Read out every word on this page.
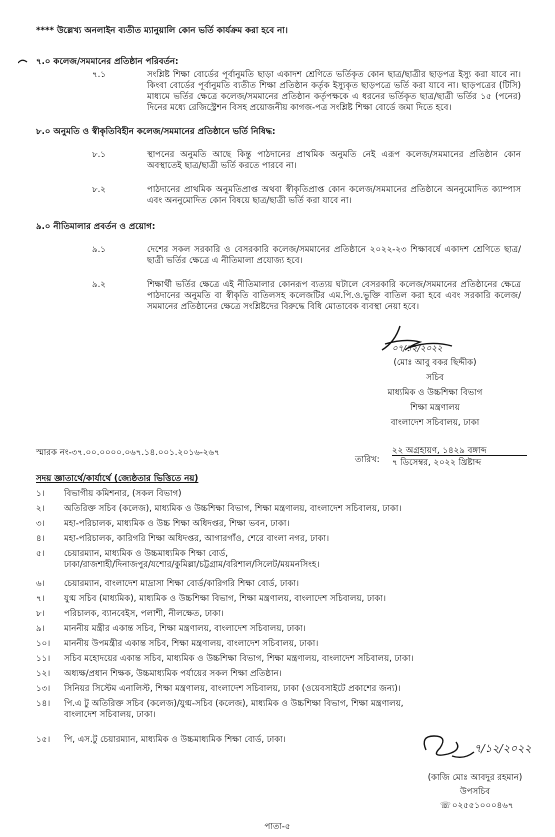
**** উল্লেখ্য অনলাইন ব্যতীত ম্যানুয়ালি কোন ভর্তি কার্যক্রম করা হবে না।
৭.০ কলেজ/সমমানের প্রতিষ্ঠান পরিবর্তন:
৭.১	সংশ্লিষ্ট শিক্ষা বোর্ডের পূর্বানুমতি ছাড়া একাদশ শ্রেণিতে ভর্তিকৃত কোন ছাত্র/ছাত্রীর ছাড়পত্র ইস্যু করা যাবে না। কিংবা বোর্ডের পূর্বানুমতি ব্যতীত শিক্ষা প্রতিষ্ঠান কর্তৃক ইস্যুকৃত ছাড়পত্রে ভর্তি করা যাবে না। ছাড়পত্রের (টিসি) মাধ্যমে ভর্তির ক্ষেত্রে কলেজ/সমমানের প্রতিষ্ঠান কর্তৃপক্ষকে এ ধরনের ভর্তিকৃত ছাত্র/ছাত্রী ভর্তির ১৫ (পনের) দিনের মধ্যে রেজিস্ট্রেশন বিসহ প্রয়োজনীয় কাগজ-পত্র সংশ্লিষ্ট শিক্ষা বোর্ডে জমা দিতে হবে।
৮.০ অনুমতি ও স্বীকৃতিবিহীন কলেজ/সমমানের প্রতিষ্ঠানে ভর্তি নিষিদ্ধ:
৮.১	স্থাপনের অনুমতি আছে কিন্তু পাঠদানের প্রাথমিক অনুমতি নেই এরূপ কলেজ/সমমানের প্রতিষ্ঠান কোন অবস্থাতেই ছাত্র/ছাত্রী ভর্তি করতে পারবে না।
৮.২	পাঠদানের প্রাথমিক অনুমতিপ্রাপ্ত অথবা স্বীকৃতিপ্রাপ্ত কোন কলেজ/সমমানের প্রতিষ্ঠানে অননুমোদিত ক্যাম্পাস এবং অননুমোদিত কোন বিষয়ে ছাত্র/ছাত্রী ভর্তি করা যাবে না।
৯.০ নীতিমালার প্রবর্তন ও প্রয়োগ:
৯.১	দেশের সকল সরকারি ও বেসরকারি কলেজ/সমমানের প্রতিষ্ঠানে ২০২২-২৩ শিক্ষাবর্ষে একাদশ শ্রেণিতে ছাত্র/ছাত্রী ভর্তির ক্ষেত্রে এ নীতিমালা প্রযোজ্য হবে।
৯.২	শিক্ষার্থী ভর্তির ক্ষেত্রে এই নীতিমালার কোনরূপ ব্যত্যয় ঘটালে বেসরকারি কলেজ/সমমানের প্রতিষ্ঠানের ক্ষেত্রে পাঠদানের অনুমতি বা স্বীকৃতি বাতিলসহ কলেজটির এম.পি.ও.ভুক্তি বাতিল করা হবে এবং সরকারি কলেজ/সমমানের প্রতিষ্ঠানের ক্ষেত্রে সংশ্লিষ্টদের বিরুদ্ধে বিধি মোতাবেক ব্যবস্থা নেয়া হবে।
০৭/১২/২০২২
(মোঃ আবু বকর ছিদ্দীক)
সচিব
মাধ্যমিক ও উচ্চশিক্ষা বিভাগ
শিক্ষা মন্ত্রণালয়
বাংলাদেশ সচিবালয়, ঢাকা
স্মারক নং-৩৭.০০.০০০০.০৬৭.১৪.০০১.২০১৬-২৬৭
তারিখ:
২২ অগ্রহায়ণ, ১৪২৯ বঙ্গাব্দ
৭ ডিসেম্বর, ২০২২ খ্রিষ্টাব্দ
সদয় জ্ঞাতার্থে/কার্যার্থে (জ্যেষ্ঠতার ভিত্তিতে নয়)
১।	বিভাগীয় কমিশনার, (সকল বিভাগ)
২।	অতিরিক্ত সচিব (কলেজ), মাধ্যমিক ও উচ্চশিক্ষা বিভাগ, শিক্ষা মন্ত্রণালয়, বাংলাদেশ সচিবালয়, ঢাকা।
৩।	মহা-পরিচালক, মাধ্যমিক ও উচ্চ শিক্ষা অধিদপ্তর, শিক্ষা ভবন, ঢাকা।
৪।	মহা-পরিচালক, কারিগরি শিক্ষা অধিদপ্তর, আগারগাঁও, শেরে বাংলা নগর, ঢাকা।
৫।	চেয়ারম্যান, মাধ্যমিক ও উচ্চমাধ্যমিক শিক্ষা বোর্ড,
ঢাকা/রাজশাহী/দিনাজপুর/যশোর/কুমিল্লা/চট্টগ্রাম/বরিশাল/সিলেট/ময়মনসিংহ।
৬।	চেয়ারম্যান, বাংলাদেশ মাদ্রাসা শিক্ষা বোর্ড/কারিগরি শিক্ষা বোর্ড, ঢাকা।
৭।	যুগ্ম সচিব (মাধ্যমিক), মাধ্যমিক ও উচ্চশিক্ষা বিভাগ, শিক্ষা মন্ত্রণালয়, বাংলাদেশ সচিবালয়, ঢাকা।
৮।	পরিচালক, ব্যানবেইস, পলাশী, নীলক্ষেত, ঢাকা।
৯।	মাননীয় মন্ত্রীর একান্ত সচিব, শিক্ষা মন্ত্রণালয়, বাংলাদেশ সচিবালয়, ঢাকা।
১০।	মাননীয় উপমন্ত্রীর একান্ত সচিব, শিক্ষা মন্ত্রণালয়, বাংলাদেশ সচিবালয়, ঢাকা।
১১।	সচিব মহোদয়ের একান্ত সচিব, মাধ্যমিক ও উচ্চশিক্ষা বিভাগ, শিক্ষা মন্ত্রণালয়, বাংলাদেশ সচিবালয়, ঢাকা।
১২।	অধ্যক্ষ/প্রধান শিক্ষক, উচ্চমাধ্যমিক পর্যায়ের সকল শিক্ষা প্রতিষ্ঠান।
১৩।	সিনিয়র সিস্টেম এনালিস্ট, শিক্ষা মন্ত্রণালয়, বাংলাদেশ সচিবালয়, ঢাকা (ওয়েবসাইটে প্রকাশের জন্য)।
১৪।	পি.এ টু অতিরিক্ত সচিব (কলেজ)/যুগ্ম-সচিব (কলেজ), মাধ্যমিক ও উচ্চশিক্ষা বিভাগ, শিক্ষা মন্ত্রণালয়,
বাংলাদেশ সচিবালয়, ঢাকা।
১৫।	পি, এস.টু চেয়ারম্যান, মাধ্যমিক ও উচ্চমাধ্যমিক শিক্ষা বোর্ড, ঢাকা।
৭/১২/২০২২
(কাজি মোঃ আবদুর রহমান)
উপসচিব
☏ ০২৫৫১০০০৪৬৭
পাতা-৫
